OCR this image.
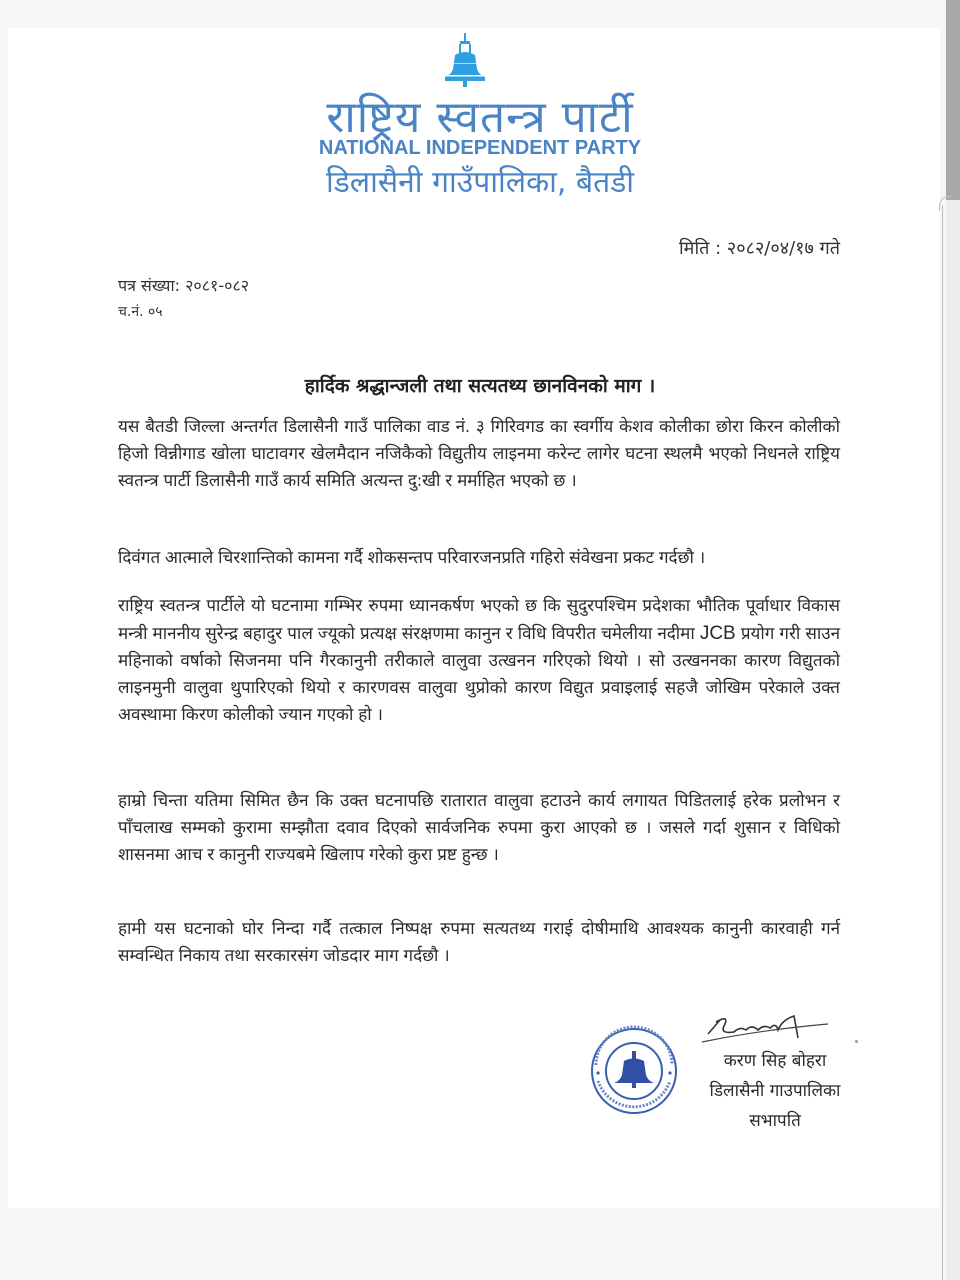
राष्ट्रिय स्वतन्त्र पार्टी
NATIONAL INDEPENDENT PARTY
डिलासैनी गाउँपालिका, बैतडी
मिति : २०८२/०४/१७ गते
पत्र संख्या: २०८१-०८२
च.नं. ०५
हार्दिक श्रद्धान्जली तथा सत्यतथ्य छानविनको माग ।
यस बैतडी जिल्ला अन्तर्गत डिलासैनी गाउँ पालिका वाड नं. ३ गिरिवगड का स्वर्गीय केशव कोलीका छोरा किरन कोलीको हिजो विन्नीगाड खोला घाटावगर खेलमैदान नजिकैको विद्युतीय लाइनमा करेन्ट लागेर घटना स्थलमै भएको निधनले राष्ट्रिय स्वतन्त्र पार्टी डिलासैनी गाउँ कार्य समिति अत्यन्त दु:खी र मर्माहित भएको छ ।
दिवंगत आत्माले चिरशान्तिको कामना गर्दै शोकसन्तप परिवारजनप्रति गहिरो संवेखना प्रकट गर्दछौ ।
राष्ट्रिय स्वतन्त्र पार्टीले यो घटनामा गम्भिर रुपमा ध्यानकर्षण भएको छ कि सुदुरपश्चिम प्रदेशका भौतिक पूर्वाधार विकास मन्त्री माननीय सुरेन्द्र बहादुर पाल ज्यूको प्रत्यक्ष संरक्षणमा कानुन र विधि विपरीत चमेलीया नदीमा JCB प्रयोग गरी साउन महिनाको वर्षाको सिजनमा पनि गैरकानुनी तरीकाले वालुवा उत्खनन गरिएको थियो । सो उत्खननका कारण विद्युतको लाइनमुनी वालुवा थुपारिएको थियो र कारणवस वालुवा थुप्रोको कारण विद्युत प्रवाइलाई सहजै जोखिम परेकाले उक्त अवस्थामा किरण कोलीको ज्यान गएको हो ।
हाम्रो चिन्ता यतिमा सिमित छैन कि उक्त घटनापछि रातारात वालुवा हटाउने कार्य लगायत पिडितलाई हरेक प्रलोभन र पाँचलाख सम्मको कुरामा सम्झौता दवाव दिएको सार्वजनिक रुपमा कुरा आएको छ । जसले गर्दा शुसान र विधिको शासनमा आच र कानुनी राज्यबमे खिलाप गरेको कुरा प्रष्ट हुन्छ ।
हामी यस घटनाको घोर निन्दा गर्दै तत्काल निष्पक्ष रुपमा सत्यतथ्य गराई दोषीमाथि आवश्यक कानुनी कारवाही गर्न सम्वन्धित निकाय तथा सरकारसंग जोडदार माग गर्दछौ ।
करण सिह बोहरा
डिलासैनी गाउपालिका
सभापति
